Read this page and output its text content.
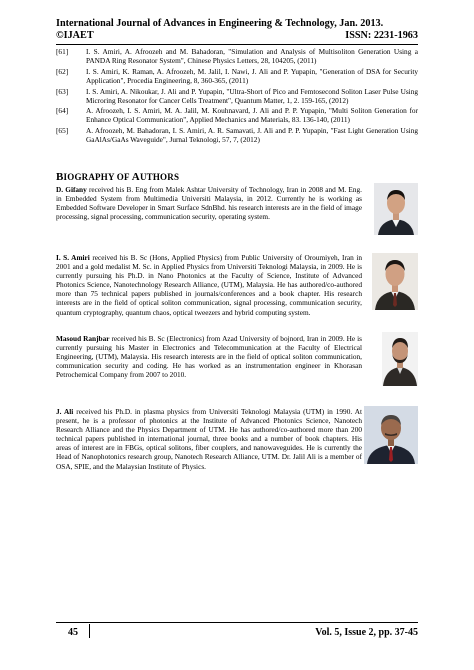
International Journal of Advances in Engineering & Technology, Jan. 2013.
©IJAET	ISSN: 2231-1963
[61]	I. S. Amiri, A. Afroozeh and M. Bahadoran, "Simulation and Analysis of Multisoliton Generation Using a PANDA Ring Resonator System", Chinese Physics Letters, 28, 104205, (2011)
[62]	I. S. Amiri, K. Raman, A. Afroozeh, M. Jalil, I. Nawi, J. Ali and P. Yupapin, "Generation of DSA for Security Application", Procedia Engineering, 8, 360-365, (2011)
[63]	I. S. Amiri, A. Nikoukar, J. Ali and P. Yupapin, "Ultra-Short of Pico and Femtosecond Soliton Laser Pulse Using Microring Resonator for Cancer Cells Treatment", Quantum Matter, 1, 2. 159-165, (2012)
[64]	A. Afroozeh, I. S. Amiri, M. A. Jalil, M. Kouhnavard, J. Ali and P. P. Yupapin, "Multi Soliton Generation for Enhance Optical Communication", Applied Mechanics and Materials, 83. 136-140, (2011)
[65]	A. Afroozeh, M. Bahadoran, I. S. Amiri, A. R. Samavati, J. Ali and P. P. Yupapin, "Fast Light Generation Using GaAlAs/GaAs Waveguide", Jurnal Teknologi, 57, 7, (2012)
BIOGRAPHY OF AUTHORS
D. Gifany received his B. Eng from Malek Ashtar University of Technology, Iran in 2008 and M. Eng. in Embedded System from Multimedia Universiti Malaysia, in 2012. Currently he is working as Embedded Software Developer in Smart Surface SdnBhd. his research interests are in the field of image processing, signal processing, communication security, operating system.
I. S. Amiri received his B. Sc (Hons, Applied Physics) from Public University of Oroumiyeh, Iran in 2001 and a gold medalist M. Sc. in Applied Physics from Universiti Teknologi Malaysia, in 2009. He is currently pursuing his Ph.D. in Nano Photonics at the Faculty of Science, Institute of Advanced Photonics Science, Nanotechnology Research Alliance, (UTM), Malaysia. He has authored/co-authored more than 75 technical papers published in journals/conferences and a book chapter. His research interests are in the field of optical soliton communication, signal processing, communication security, quantum cryptography, quantum chaos, optical tweezers and hybrid computing system.
Masoud Ranjbar received his B. Sc (Electronics) from Azad University of bojnord, Iran in 2009. He is currently pursuing his Master in Electronics and Telecommunication at the Faculty of Electrical Engineering, (UTM), Malaysia. His research interests are in the field of optical soliton communication, communication security and coding. He has worked as an instrumentation engineer in Khorasan Petrochemical Company from 2007 to 2010.
J. Ali received his Ph.D. in plasma physics from Universiti Teknologi Malaysia (UTM) in 1990. At present, he is a professor of photonics at the Institute of Advanced Photonics Science, Nanotech Research Alliance and the Physics Department of UTM. He has authored/co-authored more than 200 technical papers published in international journal, three books and a number of book chapters. His areas of interest are in FBGs, optical solitons, fiber couplers, and nanowaveguides. He is currently the Head of Nanophotonics research group, Nanotech Research Alliance, UTM. Dr. Jalil Ali is a member of OSA, SPIE, and the Malaysian Institute of Physics.
45	Vol. 5, Issue 2, pp. 37-45
